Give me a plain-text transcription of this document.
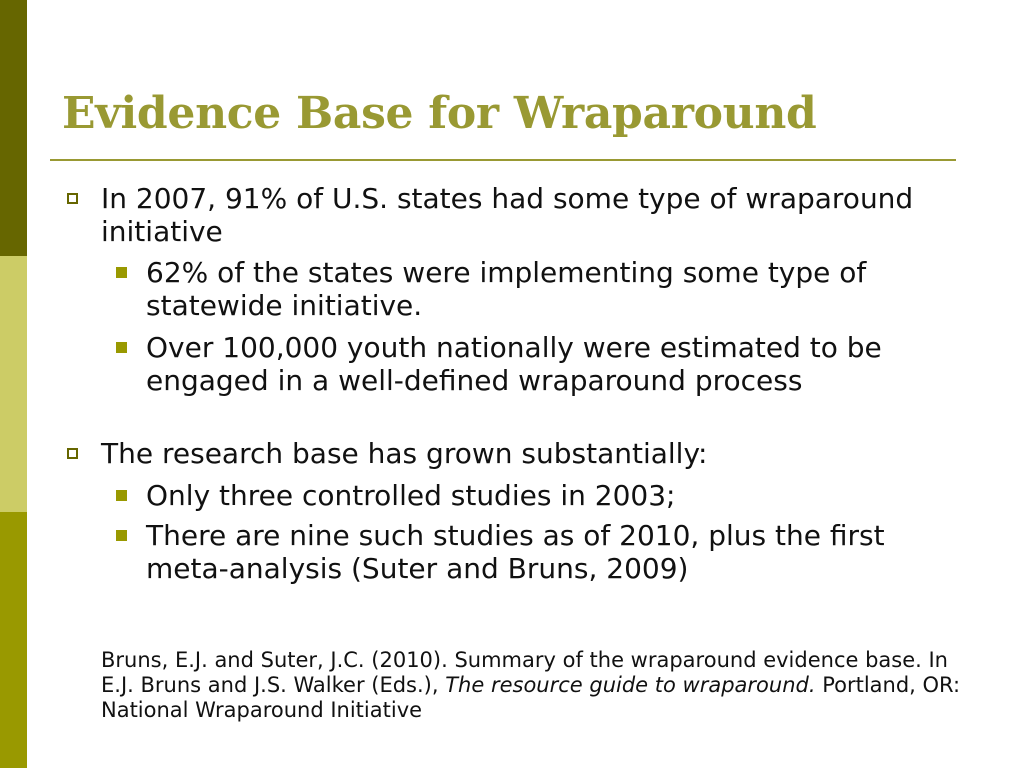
Evidence Base for Wraparound
In 2007, 91% of U.S. states had some type of wraparound initiative
62% of the states were implementing some type of statewide initiative.
Over 100,000 youth nationally were estimated to be engaged in a well-defined wraparound process
The research base has grown substantially:
Only three controlled studies in 2003;
There are nine such studies as of 2010, plus the first meta-analysis (Suter and Bruns, 2009)
Bruns, E.J. and Suter, J.C. (2010). Summary of the wraparound evidence base. In E.J. Bruns and J.S. Walker (Eds.), The resource guide to wraparound. Portland, OR: National Wraparound Initiative
